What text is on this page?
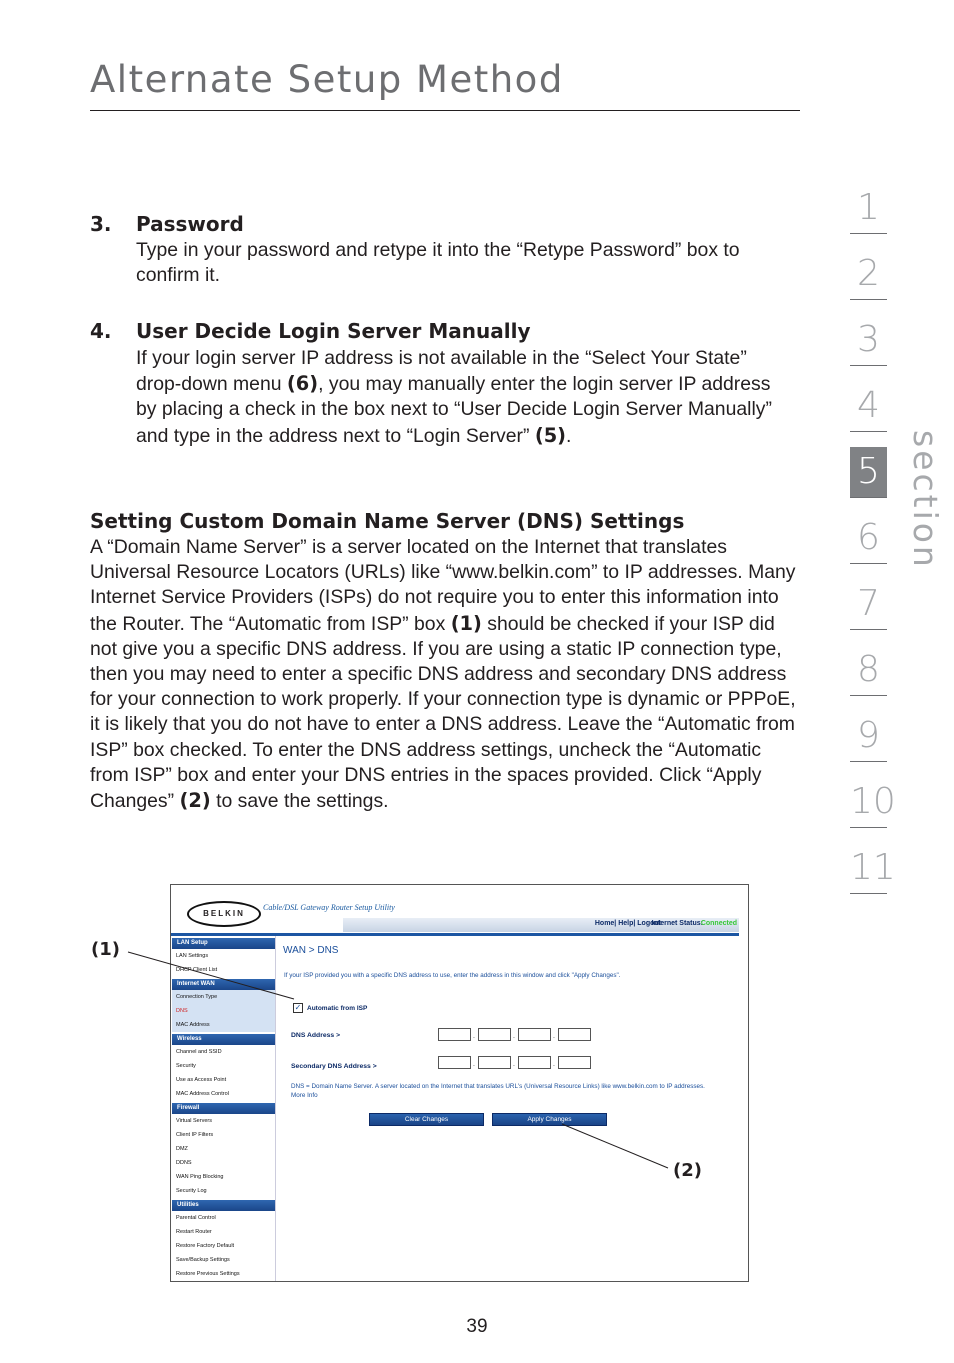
Alternate Setup Method
3. Password
Type in your password and retype it into the “Retype Password” box to confirm it.
4. User Decide Login Server Manually
If your login server IP address is not available in the “Select Your State” drop-down menu (6), you may manually enter the login server IP address by placing a check in the box next to “User Decide Login Server Manually” and type in the address next to “Login Server” (5).
Setting Custom Domain Name Server (DNS) Settings
A “Domain Name Server” is a server located on the Internet that translates Universal Resource Locators (URLs) like “www.belkin.com” to IP addresses. Many Internet Service Providers (ISPs) do not require you to enter this information into the Router. The “Automatic from ISP” box (1) should be checked if your ISP did not give you a specific DNS address. If you are using a static IP connection type, then you may need to enter a specific DNS address and secondary DNS address for your connection to work properly. If your connection type is dynamic or PPPoE, it is likely that you do not have to enter a DNS address. Leave the “Automatic from ISP” box checked. To enter the DNS address settings, uncheck the “Automatic from ISP” box and enter your DNS entries in the spaces provided. Click “Apply Changes” (2) to save the settings.
1
2
3
4
5
6
7
8
9
10
11
section
BELKIN
Cable/DSL Gateway Router Setup Utility
Home| Help| Logout
Internet Status:
Connected
LAN Setup
LAN Settings
DHCP Client List
Internet WAN
Connection Type
DNS
MAC Address
Wireless
Channel and SSID
Security
Use as Access Point
MAC Address Control
Firewall
Virtual Servers
Client IP Filters
DMZ
DDNS
WAN Ping Blocking
Security Log
Utilities
Parental Control
Restart Router
Restore Factory Default
Save/Backup Settings
Restore Previous Settings
WAN > DNS
If your ISP provided you with a specific DNS address to use, enter the address in this window and click "Apply Changes".
✓ Automatic from ISP
DNS Address >	.	.	.
Secondary DNS Address >	.	.	.
DNS = Domain Name Server. A server located on the Internet that translates URL's (Universal Resource Links) like www.belkin.com to IP addresses. More Info
Clear Changes	Apply Changes
(1)
(2)
39
